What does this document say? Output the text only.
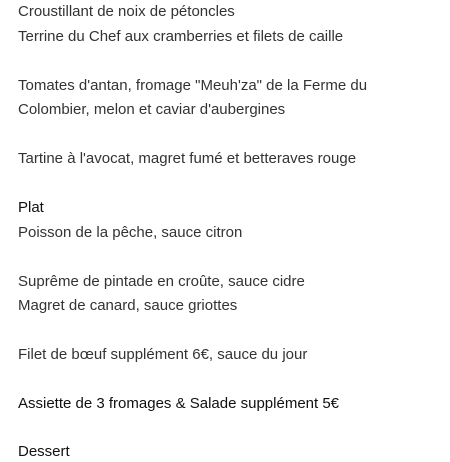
Croustillant de noix de pétoncles
Terrine du Chef aux cramberries et filets de caille
Tomates d'antan, fromage "Meuh'za" de la Ferme du
Colombier, melon et caviar d'aubergines
Tartine à l'avocat, magret fumé et betteraves rouge
Plat
Poisson de la pêche, sauce citron
Suprême de pintade en croûte, sauce cidre
Magret de canard, sauce griottes
Filet de bœuf supplément 6€, sauce du jour
Assiette de 3 fromages & Salade supplément 5€
Dessert
